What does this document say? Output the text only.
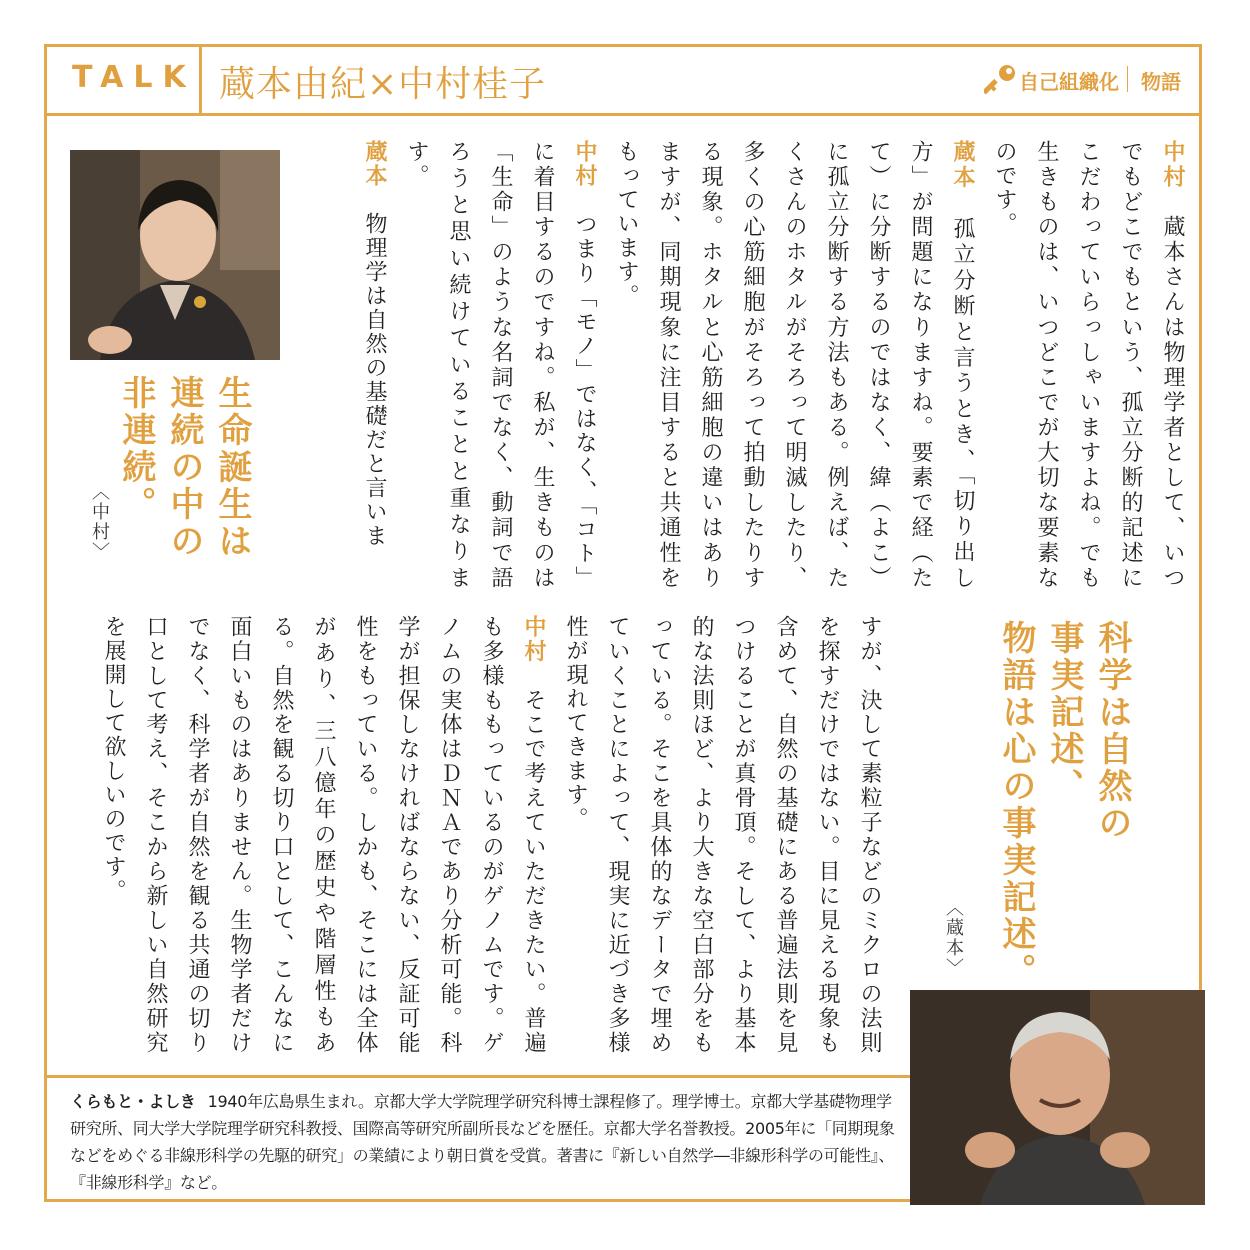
TALK 蔵本由紀×中村桂子	自己組織化 物語

中村　蔵本さんは物理学者として、いつでもどこでもという、孤立分断的記述にこだわっていらっしゃいますよね。でも生きものは、いつどこでが大切な要素なのです。

蔵本　孤立分断と言うとき、「切り出し方」が問題になりますね。要素で経（たて）に分断するのではなく、緯（よこ）に孤立分断する方法もある。例えば、たくさんのホタルがそろって明滅したり、多くの心筋細胞がそろって拍動したりする現象。ホタルと心筋細胞の違いはありますが、同期現象に注目すると共通性をもっています。

中村　つまり「モノ」ではなく、「コト」に着目するのですね。私が、生きものは「生命」のような名詞でなく、動詞で語ろうと思い続けていることと重なります。

蔵本　物理学は自然の基礎だと言いま

すが、決して素粒子などのミクロの法則を探すだけではない。目に見える現象も含めて、自然の基礎にある普遍法則を見つけることが真骨頂。そして、より基本的な法則ほど、より大きな空白部分をもっている。そこを具体的なデータで埋めていくことによって、現実に近づき多様性が現れてきます。

中村　そこで考えていただきたい。普遍も多様ももっているのがゲノムです。ゲノムの実体はＤＮＡであり分析可能。科学が担保しなければならない、反証可能性をもっている。しかも、そこには全体があり、三八億年の歴史や階層性もある。自然を観る切り口として、こんなに面白いものはありません。生物学者だけでなく、科学者が自然を観る共通の切り口として考え、そこから新しい自然研究を展開して欲しいのです。

生命誕生は
連続の中の
非連続。
〈中村〉
科学は自然の
事実記述、
物語は心の事実記述。
〈蔵本〉
くらもと・よしき 1940年広島県生まれ。京都大学大学院理学研究科博士課程修了。理学博士。京都大学基礎物理学研究所、同大学大学院理学研究科教授、国際高等研究所副所長などを歴任。京都大学名誉教授。2005年に「同期現象などをめぐる非線形科学の先駆的研究」の業績により朝日賞を受賞。著書に『新しい自然学―非線形科学の可能性』、『非線形科学』など。
